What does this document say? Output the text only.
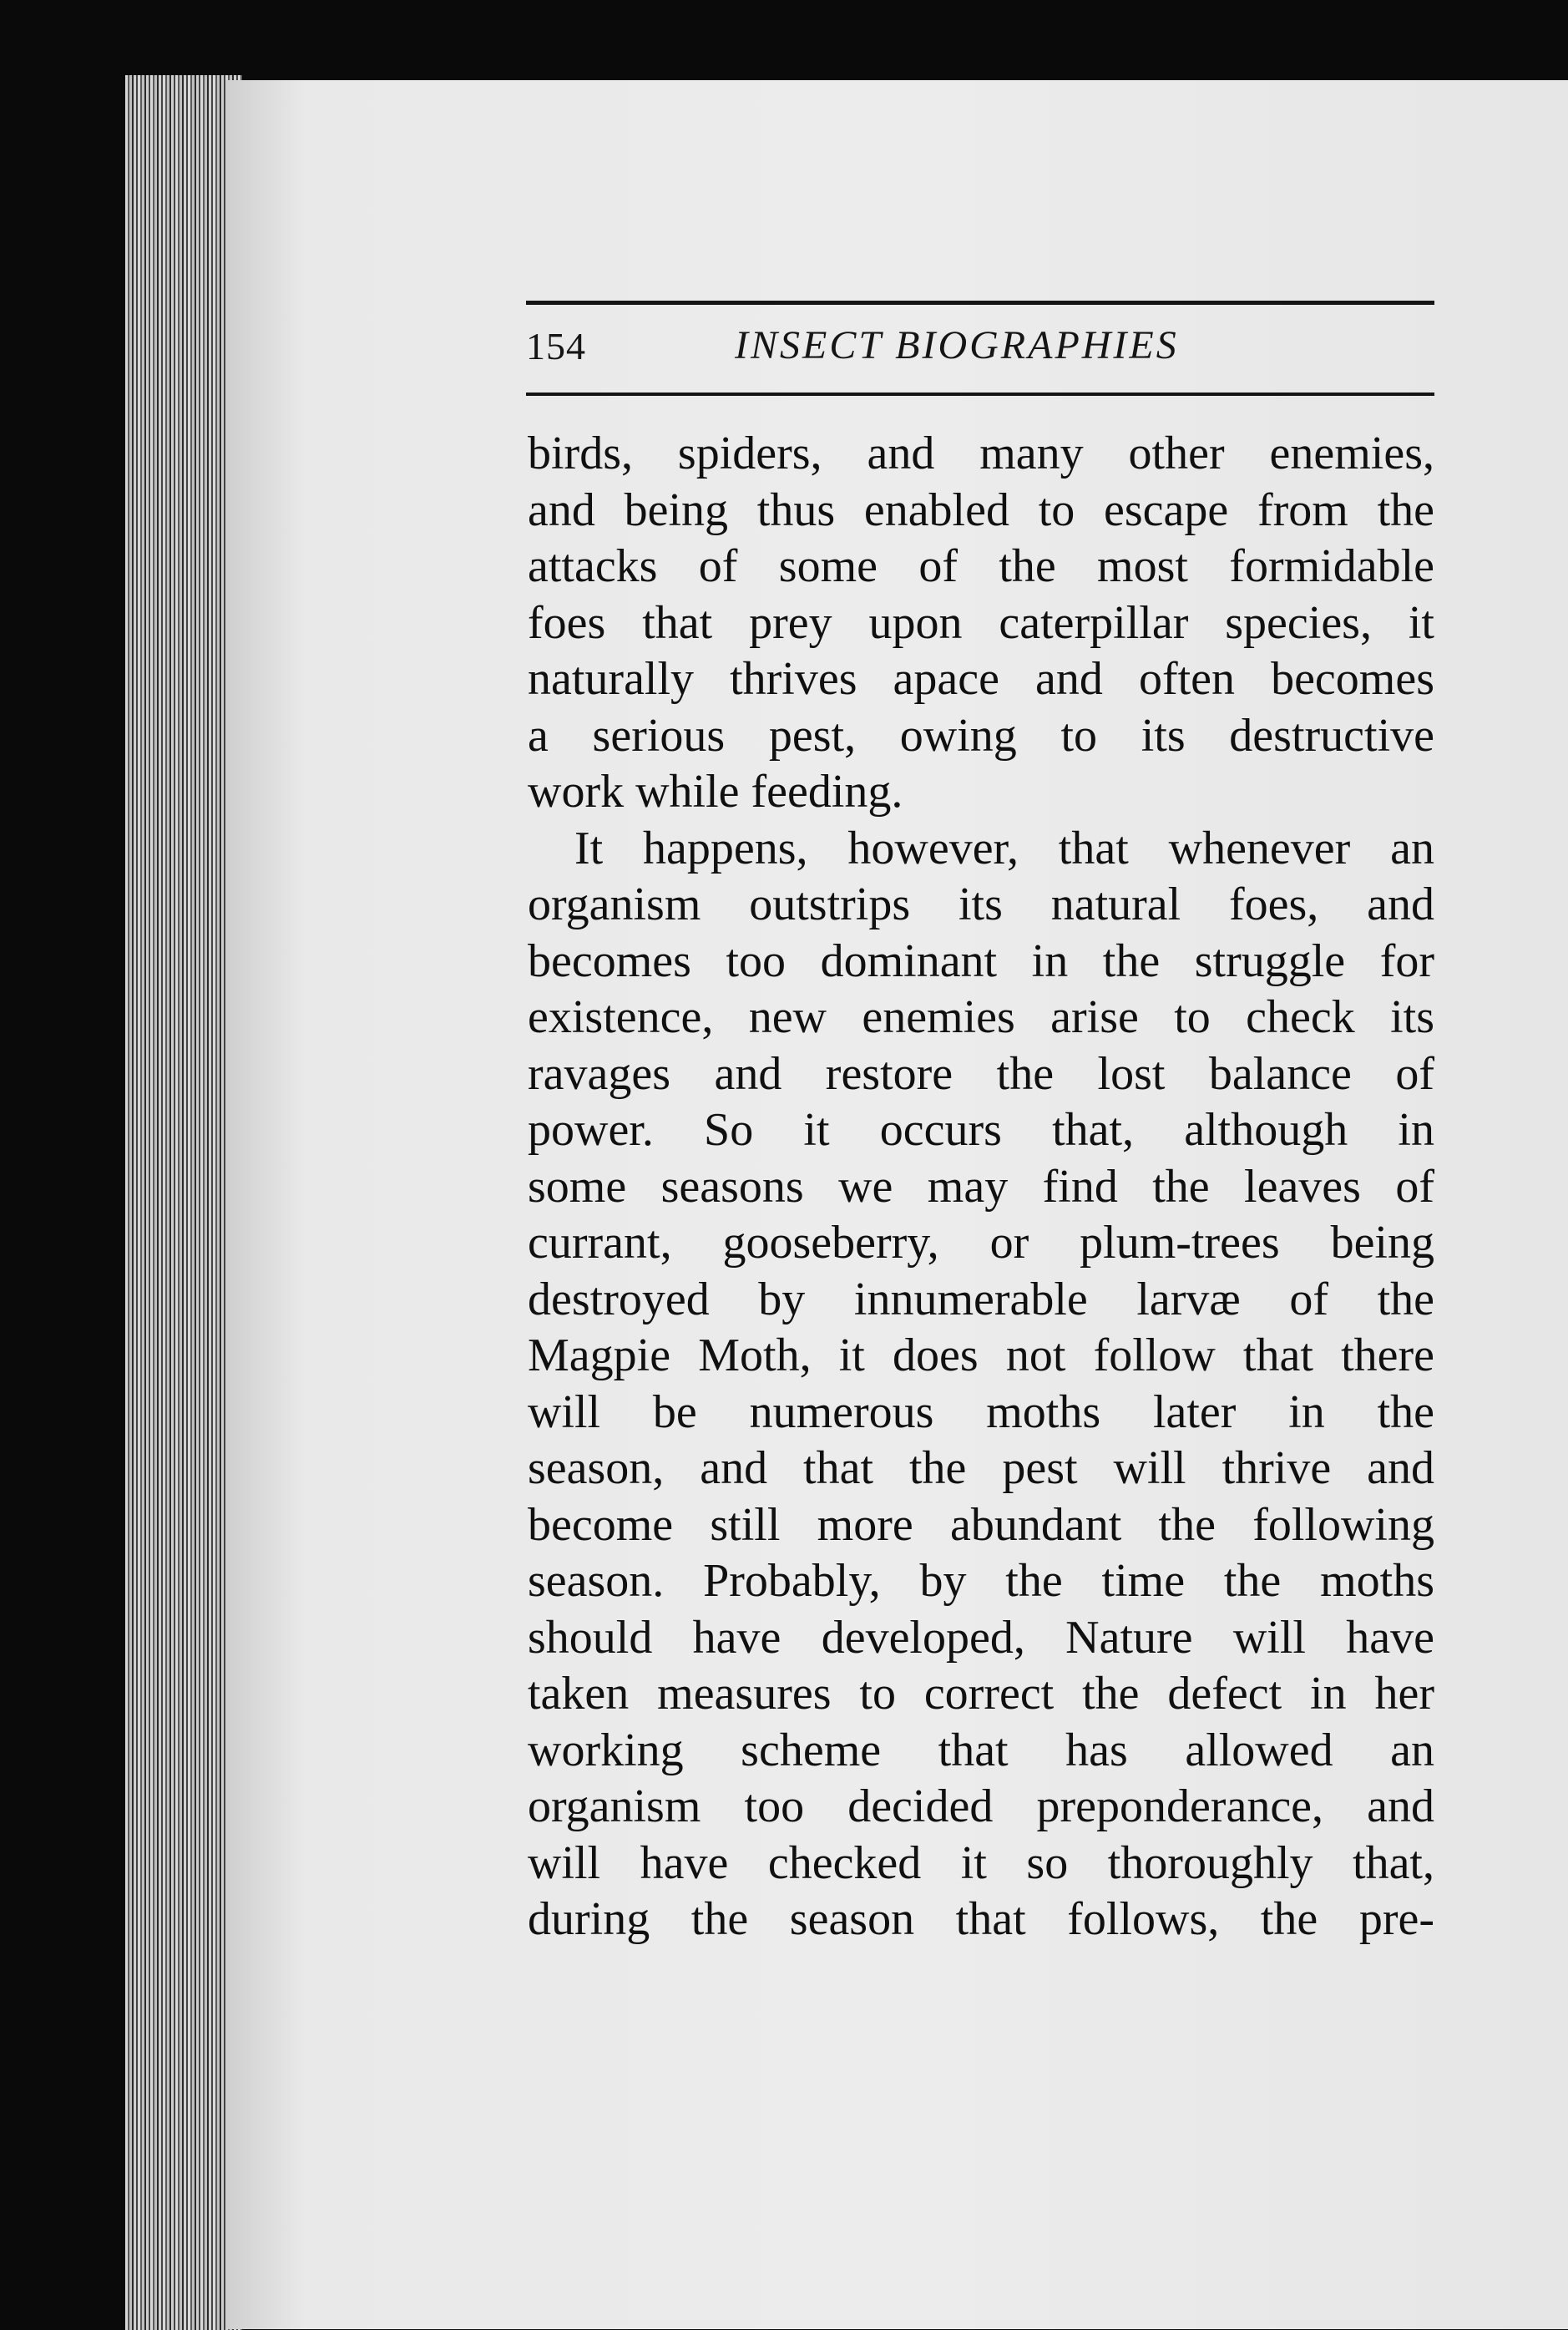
154	INSECT BIOGRAPHIES
birds, spiders, and many other enemies,
and being thus enabled to escape from the
attacks of some of the most formidable
foes that prey upon caterpillar species, it
naturally thrives apace and often becomes
a serious pest, owing to its destructive
work while feeding.
It happens, however, that whenever an
organism outstrips its natural foes, and
becomes too dominant in the struggle for
existence, new enemies arise to check its
ravages and restore the lost balance of
power. So it occurs that, although in
some seasons we may find the leaves of
currant, gooseberry, or plum-trees being
destroyed by innumerable larvæ of the
Magpie Moth, it does not follow that there
will be numerous moths later in the
season, and that the pest will thrive and
become still more abundant the following
season. Probably, by the time the moths
should have developed, Nature will have
taken measures to correct the defect in her
working scheme that has allowed an
organism too decided preponderance, and
will have checked it so thoroughly that,
during the season that follows, the pre-
